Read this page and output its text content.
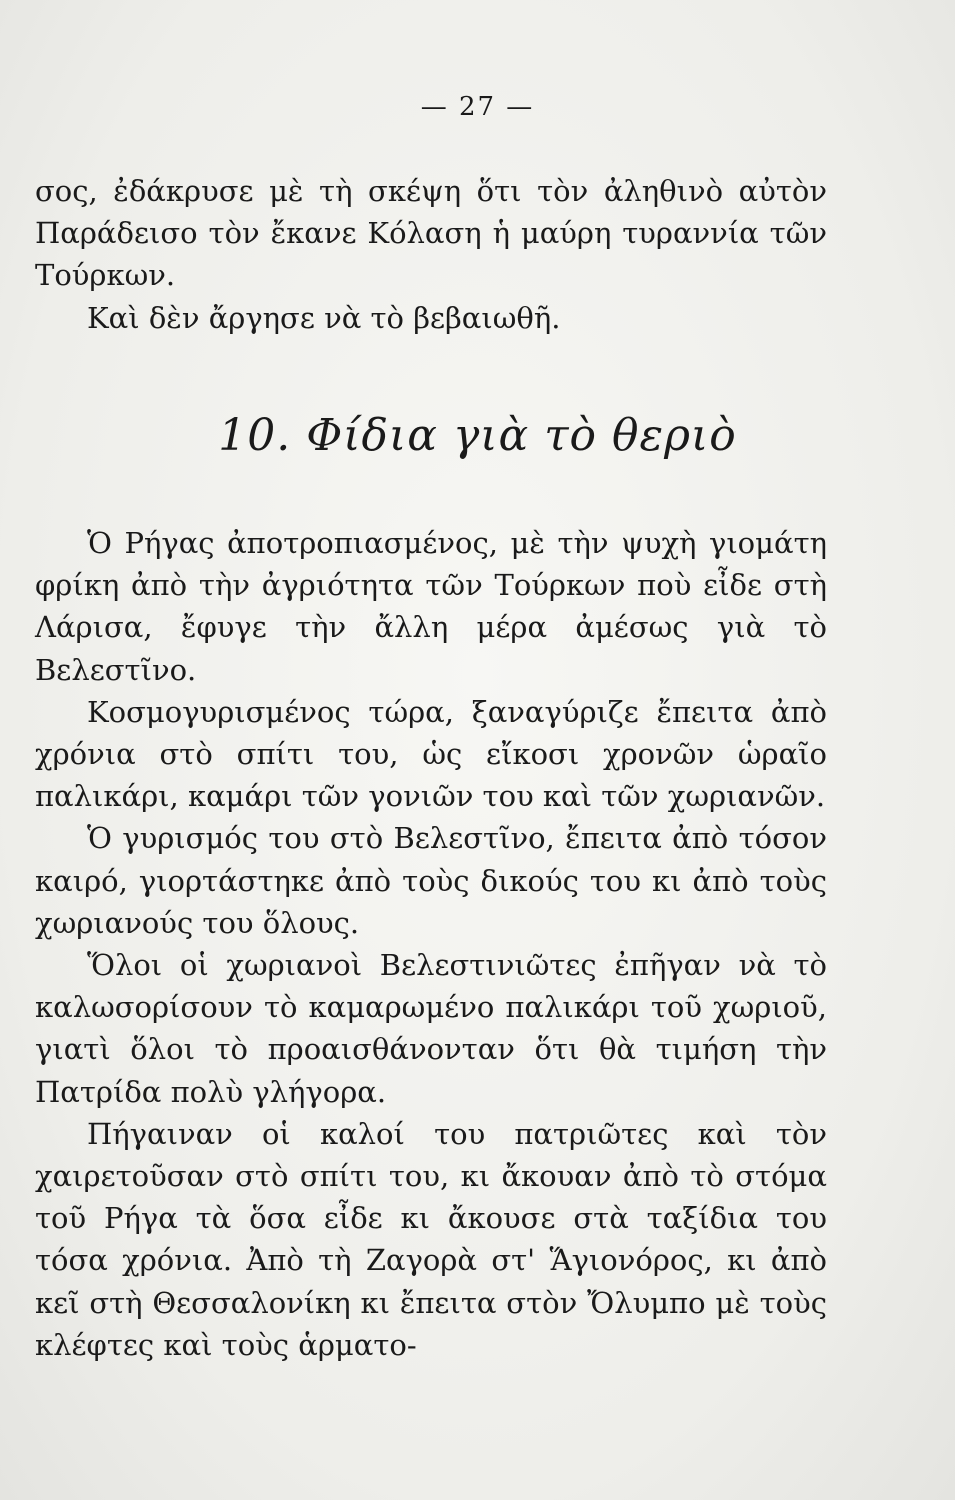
— 27 —

σος, ἐδάκρυσε μὲ τὴ σκέψη ὅτι τὸν ἀληθινὸ αὐτὸν Παράδεισο τὸν ἔκανε Κόλαση ἡ μαύρη τυραννία τῶν Τούρκων.

Καὶ δὲν ἄργησε νὰ τὸ βεβαιωθῆ.

10. Φίδια γιὰ τὸ θεριὸ

Ὁ Ρήγας ἀποτροπιασμένος, μὲ τὴν ψυχὴ γιομάτη φρίκη ἀπὸ τὴν ἀγριότητα τῶν Τούρκων ποὺ εἶδε στὴ Λάρισα, ἔφυγε τὴν ἄλλη μέρα ἀμέσως γιὰ τὸ Βελεστῖνο.

Κοσμογυρισμένος τώρα, ξαναγύριζε ἔπειτα ἀπὸ χρόνια στὸ σπίτι του, ὡς εἴκοσι χρονῶν ὡραῖο παλικάρι, καμάρι τῶν γονιῶν του καὶ τῶν χωριανῶν.

Ὁ γυρισμός του στὸ Βελεστῖνο, ἔπειτα ἀπὸ τόσον καιρό, γιορτάστηκε ἀπὸ τοὺς δικούς του κι ἀπὸ τοὺς χωριανούς του ὅλους.

Ὅλοι οἱ χωριανοὶ Βελεστινιῶτες ἐπῆγαν νὰ τὸ καλωσορίσουν τὸ καμαρωμένο παλικάρι τοῦ χωριοῦ, γιατὶ ὅλοι τὸ προαισθάνονταν ὅτι θὰ τιμήση τὴν Πατρίδα πολὺ γλήγορα.

Πήγαιναν οἱ καλοί του πατριῶτες καὶ τὸν χαιρετοῦσαν στὸ σπίτι του, κι ἄκουαν ἀπὸ τὸ στόμα τοῦ Ρήγα τὰ ὅσα εἶδε κι ἄκουσε στὰ ταξίδια του τόσα χρόνια. Ἀπὸ τὴ Ζαγορὰ στ' Ἅγιονόρος, κι ἀπὸ κεῖ στὴ Θεσσαλονίκη κι ἔπειτα στὸν Ὄλυμπο μὲ τοὺς κλέφτες καὶ τοὺς ἁρματο-
